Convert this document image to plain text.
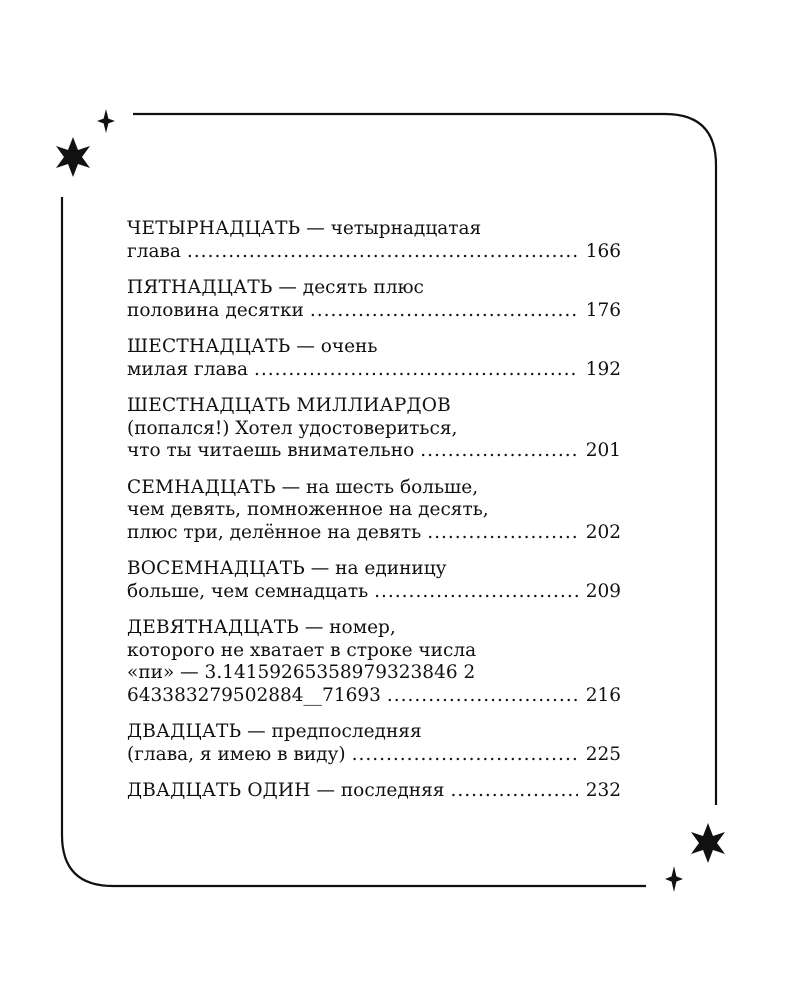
ЧЕТЫРНАДЦАТЬ — четырнадцатая
глава .....	166
ПЯТНАДЦАТЬ — десять плюс
половина десятки .....	176
ШЕСТНАДЦАТЬ — очень
милая глава .....	192
ШЕСТНАДЦАТЬ МИЛЛИАРДОВ
(попался!) Хотел удостовериться,
что ты читаешь внимательно .....	201
СЕМНАДЦАТЬ — на шесть больше,
чем девять, помноженное на десять,
плюс три, делённое на девять .....	202
ВОСЕМНАДЦАТЬ — на единицу
больше, чем семнадцать .....	209
ДЕВЯТНАДЦАТЬ — номер,
которого не хватает в строке числа
«пи» — 3.14159265358979323846 2
643383279502884__71693 .....	216
ДВАДЦАТЬ — предпоследняя
(глава, я имею в виду) .....	225
ДВАДЦАТЬ ОДИН — последняя .....	232
